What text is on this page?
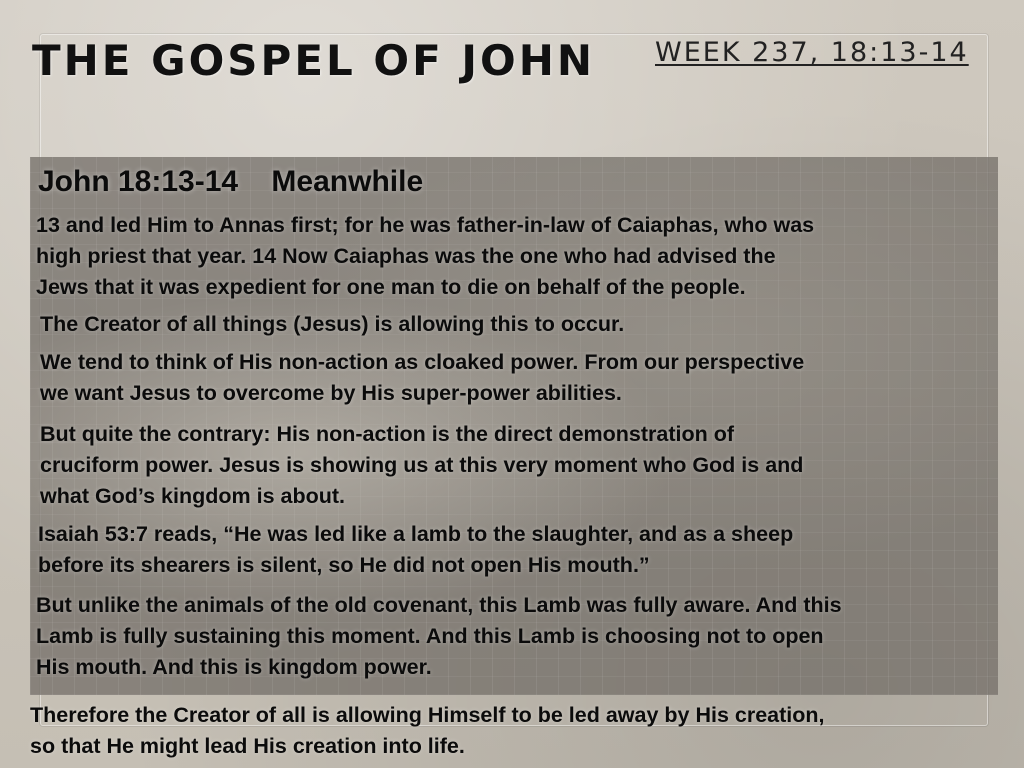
THE GOSPEL OF JOHN WEEK 237, 18:13-14

John 18:13-14    Meanwhile

13 and led Him to Annas first; for he was father-in-law of Caiaphas, who was
high priest that year. 14 Now Caiaphas was the one who had advised the
Jews that it was expedient for one man to die on behalf of the people.

The Creator of all things (Jesus) is allowing this to occur.

We tend to think of His non-action as cloaked power. From our perspective
we want Jesus to overcome by His super-power abilities.

But quite the contrary: His non-action is the direct demonstration of
cruciform power. Jesus is showing us at this very moment who God is and
what God’s kingdom is about.

Isaiah 53:7 reads, “He was led like a lamb to the slaughter, and as a sheep
before its shearers is silent, so He did not open His mouth.”

But unlike the animals of the old covenant, this Lamb was fully aware. And this
Lamb is fully sustaining this moment. And this Lamb is choosing not to open
His mouth. And this is kingdom power.

Therefore the Creator of all is allowing Himself to be led away by His creation,
so that He might lead His creation into life.
